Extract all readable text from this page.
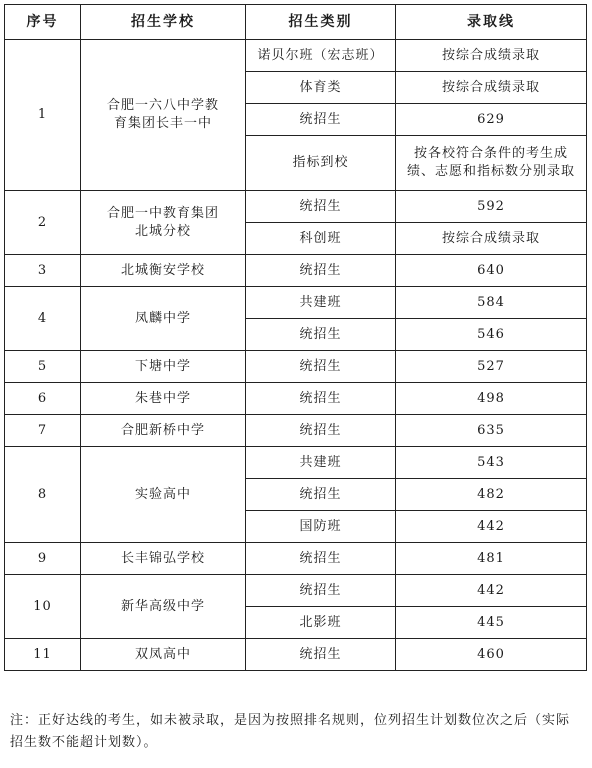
序号	招生学校	招生类别	录取线
1	合肥一六八中学教育集团长丰一中	诺贝尔班（宏志班）	按综合成绩录取
		体育类	按综合成绩录取
		统招生	629
		指标到校	按各校符合条件的考生成绩、志愿和指标数分别录取
2	合肥一中教育集团北城分校	统招生	592
		科创班	按综合成绩录取
3	北城衡安学校	统招生	640
4	凤麟中学	共建班	584
		统招生	546
5	下塘中学	统招生	527
6	朱巷中学	统招生	498
7	合肥新桥中学	统招生	635
8	实验高中	共建班	543
		统招生	482
		国防班	442
9	长丰锦弘学校	统招生	481
10	新华高级中学	统招生	442
		北影班	445
11	双凤高中	统招生	460
注：正好达线的考生，如未被录取，是因为按照排名规则，位列招生计划数位次之后（实际招生数不能超计划数）。
